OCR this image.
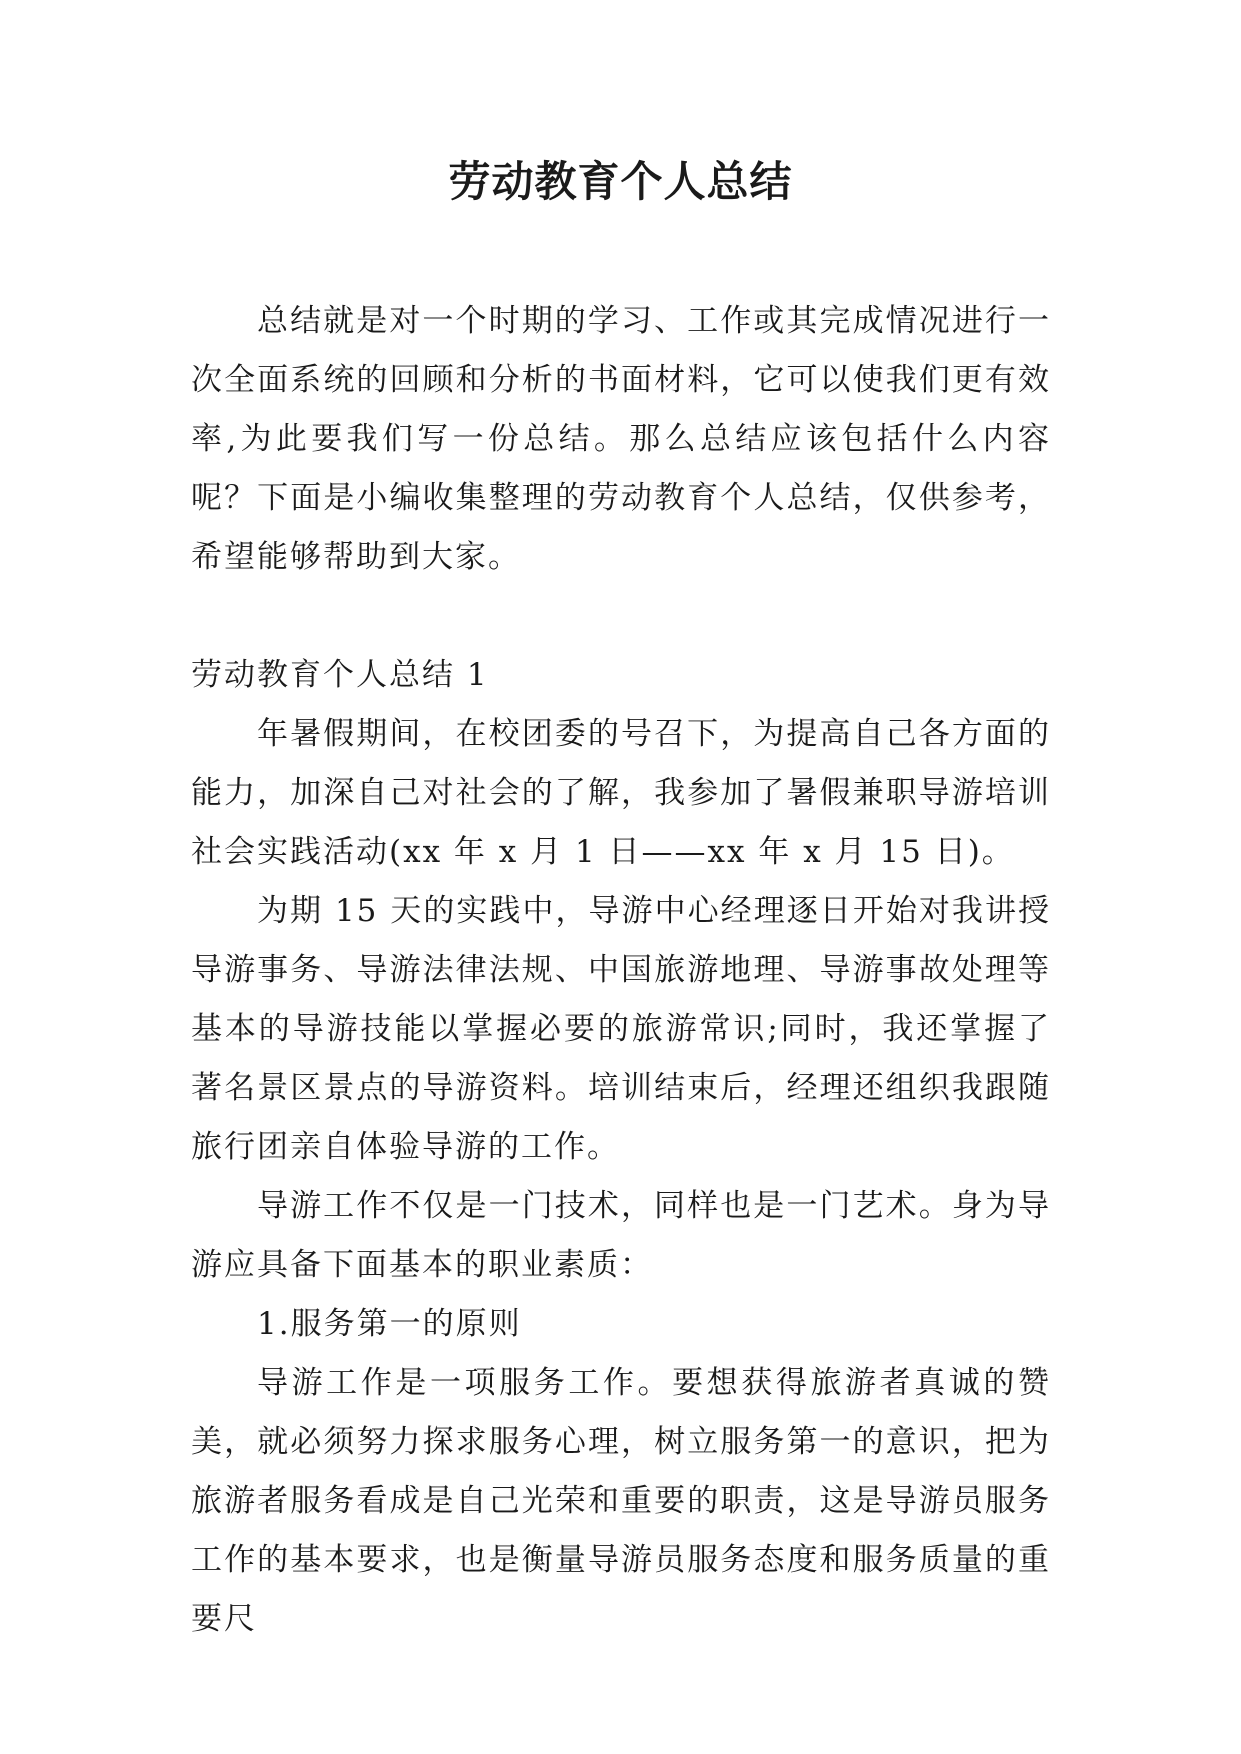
劳动教育个人总结

总结就是对一个时期的学习、工作或其完成情况进行一次全面系统的回顾和分析的书面材料，它可以使我们更有效率,为此要我们写一份总结。那么总结应该包括什么内容呢？下面是小编收集整理的劳动教育个人总结，仅供参考，希望能够帮助到大家。

劳动教育个人总结 1

年暑假期间，在校团委的号召下，为提高自己各方面的能力，加深自己对社会的了解，我参加了暑假兼职导游培训社会实践活动(xx 年 x 月 1 日——xx 年 x 月 15 日)。

为期 15 天的实践中，导游中心经理逐日开始对我讲授导游事务、导游法律法规、中国旅游地理、导游事故处理等基本的导游技能以掌握必要的旅游常识;同时，我还掌握了著名景区景点的导游资料。培训结束后，经理还组织我跟随旅行团亲自体验导游的工作。

导游工作不仅是一门技术，同样也是一门艺术。身为导游应具备下面基本的职业素质：

1.服务第一的原则

导游工作是一项服务工作。要想获得旅游者真诚的赞美，就必须努力探求服务心理，树立服务第一的意识，把为旅游者服务看成是自己光荣和重要的职责，这是导游员服务工作的基本要求，也是衡量导游员服务态度和服务质量的重要尺
